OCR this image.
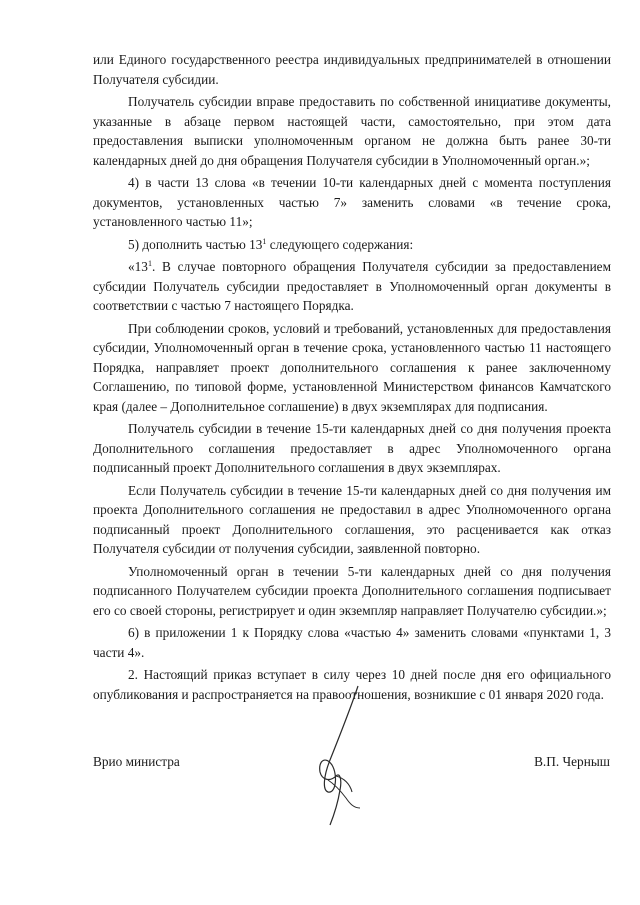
или Единого государственного реестра индивидуальных предпринимателей в отношении Получателя субсидии.

Получатель субсидии вправе предоставить по собственной инициативе документы, указанные в абзаце первом настоящей части, самостоятельно, при этом дата предоставления выписки уполномоченным органом не должна быть ранее 30-ти календарных дней до дня обращения Получателя субсидии в Уполномоченный орган.»;

4) в части 13 слова «в течении 10-ти календарных дней с момента поступления документов, установленных частью 7» заменить словами «в течение срока, установленного частью 11»;

5) дополнить частью $13^1$ следующего содержания:

«$13^1$. В случае повторного обращения Получателя субсидии за предоставлением субсидии Получатель субсидии предоставляет в Уполномоченный орган документы в соответствии с частью 7 настоящего Порядка.

При соблюдении сроков, условий и требований, установленных для предоставления субсидии, Уполномоченный орган в течение срока, установленного частью 11 настоящего Порядка, направляет проект дополнительного соглашения к ранее заключенному Соглашению, по типовой форме, установленной Министерством финансов Камчатского края (далее – Дополнительное соглашение) в двух экземплярах для подписания.

Получатель субсидии в течение 15-ти календарных дней со дня получения проекта Дополнительного соглашения предоставляет в адрес Уполномоченного органа подписанный проект Дополнительного соглашения в двух экземплярах.

Если Получатель субсидии в течение 15-ти календарных дней со дня получения им проекта Дополнительного соглашения не предоставил в адрес Уполномоченного органа подписанный проект Дополнительного соглашения, это расценивается как отказ Получателя субсидии от получения субсидии, заявленной повторно.

Уполномоченный орган в течении 5-ти календарных дней со дня получения подписанного Получателем субсидии проекта Дополнительного соглашения подписывает его со своей стороны, регистрирует и один экземпляр направляет Получателю субсидии.»;

6) в приложении 1 к Порядку слова «частью 4» заменить словами «пунктами 1, 3 части 4».

2. Настоящий приказ вступает в силу через 10 дней после дня его официального опубликования и распространяется на правоотношения, возникшие с 01 января 2020 года.

Врио министра	В.П. Черныш
